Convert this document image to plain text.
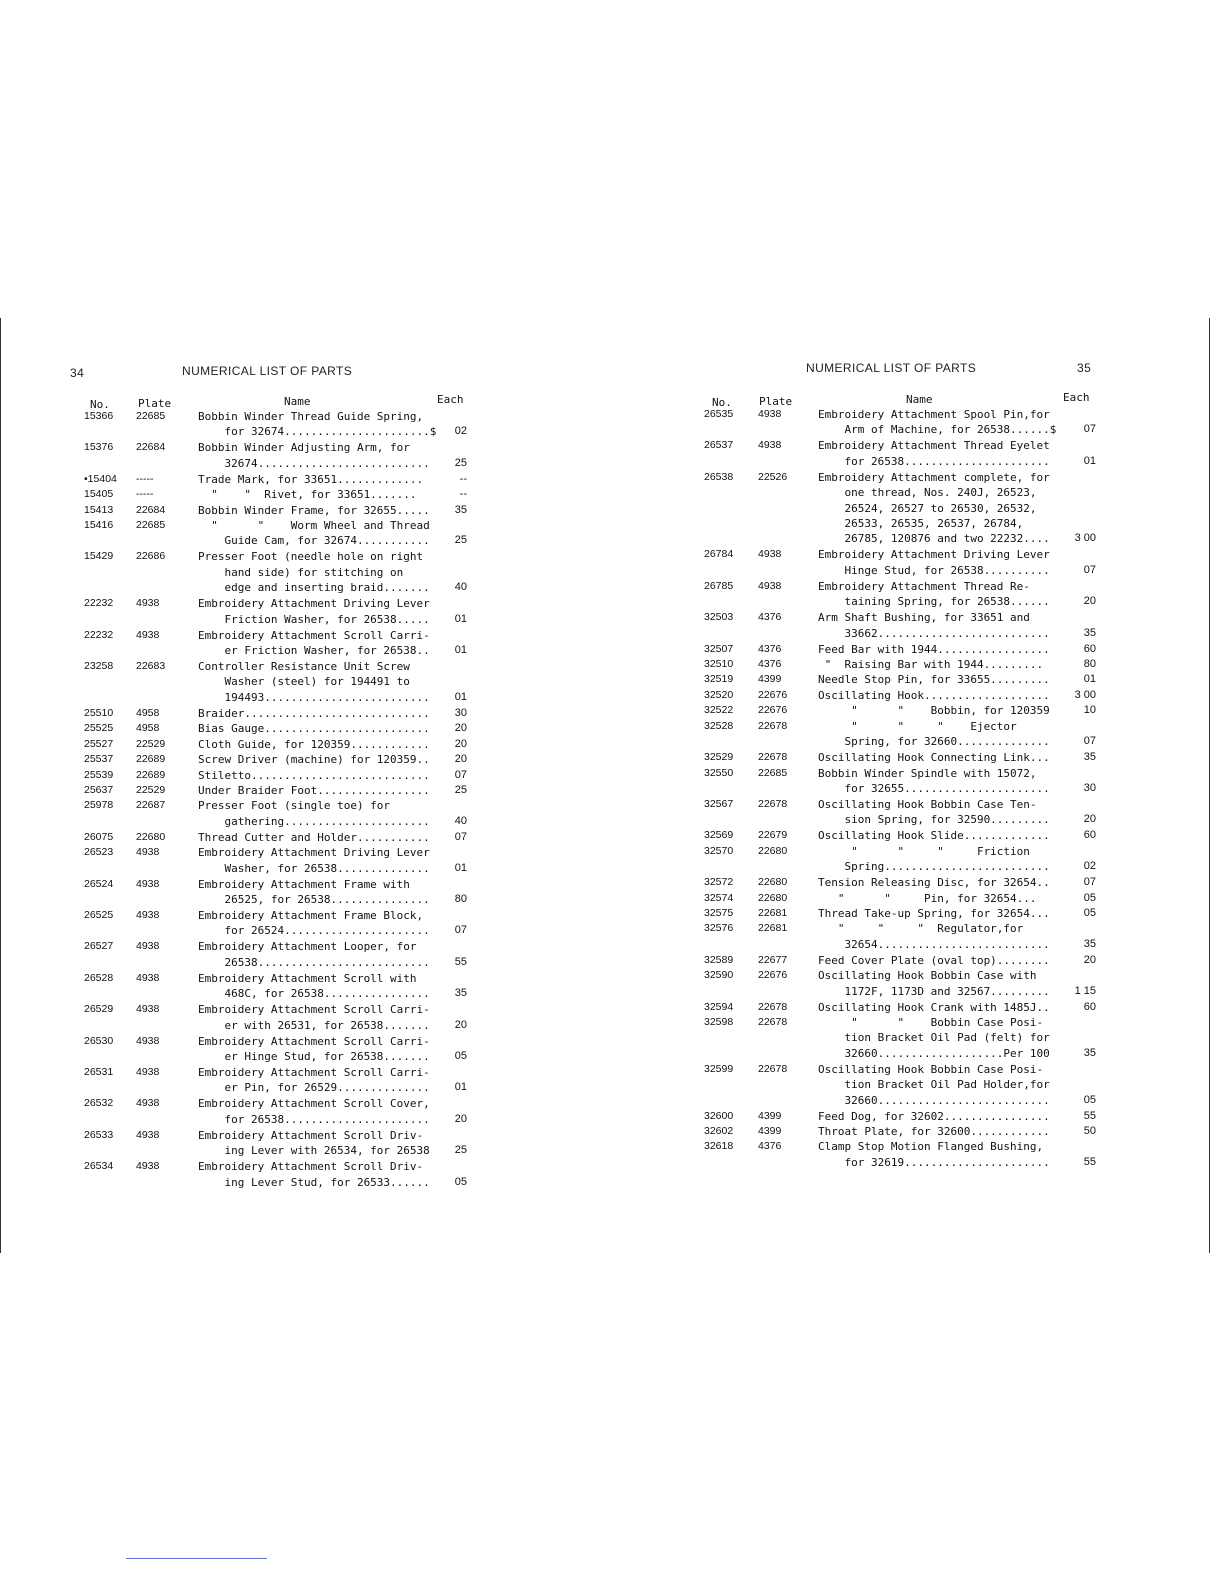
34	NUMERICAL LIST OF PARTS
No.	Plate	Name	Each
15366 22685	Bobbin Winder Thread Guide Spring,
for 32674......................$	02
15376 22684	Bobbin Winder Adjusting Arm, for
32674..........................	25
•15404 -----	Trade Mark, for 33651.............	--
15405 -----	"    "  Rivet, for 33651.......	--
15413 22684	Bobbin Winder Frame, for 32655.....	35
15416 22685	"      "    Worm Wheel and Thread
Guide Cam, for 32674...........	25
15429 22686	Presser Foot (needle hole on right
hand side) for stitching on
edge and inserting braid.......	40
22232 4938	Embroidery Attachment Driving Lever
Friction Washer, for 26538.....	01
22232 4938	Embroidery Attachment Scroll Carri-
er Friction Washer, for 26538..	01
23258 22683	Controller Resistance Unit Screw
Washer (steel) for 194491 to
194493.........................	01
25510 4958	Braider............................	30
25525 4958	Bias Gauge.........................	20
25527 22529	Cloth Guide, for 120359............	20
25537 22689	Screw Driver (machine) for 120359..	20
25539 22689	Stiletto...........................	07
25637 22529	Under Braider Foot.................	25
25978 22687	Presser Foot (single toe) for
gathering......................	40
26075 22680	Thread Cutter and Holder...........	07
26523 4938	Embroidery Attachment Driving Lever
Washer, for 26538..............	01
26524 4938	Embroidery Attachment Frame with
26525, for 26538...............	80
26525 4938	Embroidery Attachment Frame Block,
for 26524......................	07
26527 4938	Embroidery Attachment Looper, for
26538..........................	55
26528 4938	Embroidery Attachment Scroll with
468C, for 26538................	35
26529 4938	Embroidery Attachment Scroll Carri-
er with 26531, for 26538.......	20
26530 4938	Embroidery Attachment Scroll Carri-
er Hinge Stud, for 26538.......	05
26531 4938	Embroidery Attachment Scroll Carri-
er Pin, for 26529..............	01
26532 4938	Embroidery Attachment Scroll Cover,
for 26538......................	20
26533 4938	Embroidery Attachment Scroll Driv-
ing Lever with 26534, for 26538	25
26534 4938	Embroidery Attachment Scroll Driv-
ing Lever Stud, for 26533......	05
NUMERICAL LIST OF PARTS	35
No. Plate	Name	Each
26535 4938	Embroidery Attachment Spool Pin,for
Arm of Machine, for 26538......$	07
26537 4938	Embroidery Attachment Thread Eyelet
for 26538......................	01
26538 22526	Embroidery Attachment complete, for
one thread, Nos. 240J, 26523,
26524, 26527 to 26530, 26532,
26533, 26535, 26537, 26784,
26785, 120876 and two 22232....	3 00
26784 4938	Embroidery Attachment Driving Lever
Hinge Stud, for 26538..........	07
26785 4938	Embroidery Attachment Thread Re-
taining Spring, for 26538......	20
32503 4376	Arm Shaft Bushing, for 33651 and
33662..........................	35
32507 4376	Feed Bar with 1944.................	60
32510 4376	"  Raising Bar with 1944.........	80
32519 4399	Needle Stop Pin, for 33655.........	01
32520 22676	Oscillating Hook...................	3 00
32522 22676	"      "    Bobbin, for 120359	10
32528 22678	"      "     "    Ejector
Spring, for 32660..............	07
32529 22678	Oscillating Hook Connecting Link...	35
32550 22685	Bobbin Winder Spindle with 15072,
for 32655......................	30
32567 22678	Oscillating Hook Bobbin Case Ten-
sion Spring, for 32590.........	20
32569 22679	Oscillating Hook Slide.............	60
32570 22680	"      "     "     Friction
Spring.........................	02
32572 22680	Tension Releasing Disc, for 32654..	07
32574 22680	"      "     Pin, for 32654...	05
32575 22681	Thread Take-up Spring, for 32654...	05
32576 22681	"     "     "  Regulator,for
32654..........................	35
32589 22677	Feed Cover Plate (oval top)........	20
32590 22676	Oscillating Hook Bobbin Case with
1172F, 1173D and 32567.........	1 15
32594 22678	Oscillating Hook Crank with 1485J..	60
32598 22678	"      "    Bobbin Case Posi-
tion Bracket Oil Pad (felt) for
32660...................Per 100	35
32599 22678	Oscillating Hook Bobbin Case Posi-
tion Bracket Oil Pad Holder,for
32660..........................	05
32600 4399	Feed Dog, for 32602................	55
32602 4399	Throat Plate, for 32600............	50
32618 4376	Clamp Stop Motion Flanged Bushing,
for 32619......................	55
